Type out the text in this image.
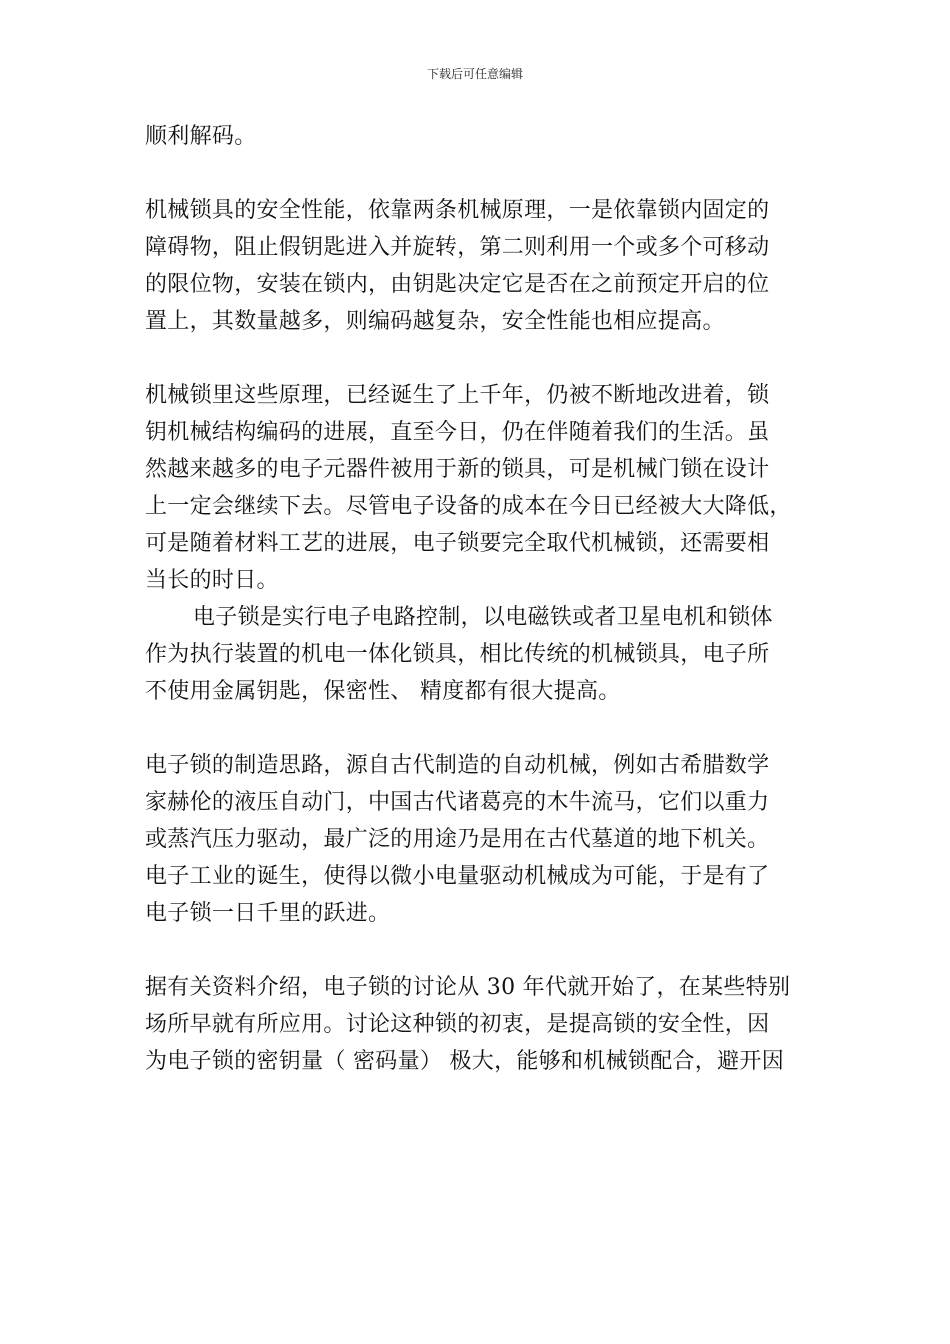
下载后可任意编辑
顺利解码。
机械锁具的安全性能，依靠两条机械原理，一是依靠锁内固定的
障碍物，阻止假钥匙进入并旋转，第二则利用一个或多个可移动
的限位物，安装在锁内，由钥匙决定它是否在之前预定开启的位
置上，其数量越多，则编码越复杂，安全性能也相应提高。
机械锁里这些原理，已经诞生了上千年，仍被不断地改进着，锁
钥机械结构编码的进展，直至今日，仍在伴随着我们的生活。虽
然越来越多的电子元器件被用于新的锁具，可是机械门锁在设计
上一定会继续下去。尽管电子设备的成本在今日已经被大大降低，
可是随着材料工艺的进展，电子锁要完全取代机械锁，还需要相
当长的时日。
电子锁是实行电子电路控制，以电磁铁或者卫星电机和锁体
作为执行装置的机电一体化锁具，相比传统的机械锁具，电子所
不使用金属钥匙，保密性、 精度都有很大提高。
电子锁的制造思路，源自古代制造的自动机械，例如古希腊数学
家赫伦的液压自动门，中国古代诸葛亮的木牛流马，它们以重力
或蒸汽压力驱动，最广泛的用途乃是用在古代墓道的地下机关。
电子工业的诞生，使得以微小电量驱动机械成为可能，于是有了
电子锁一日千里的跃进。
据有关资料介绍，电子锁的讨论从 30 年代就开始了，在某些特别
场所早就有所应用。讨论这种锁的初衷，是提高锁的安全性，因
为电子锁的密钥量（ 密码量） 极大，能够和机械锁配合，避开因
